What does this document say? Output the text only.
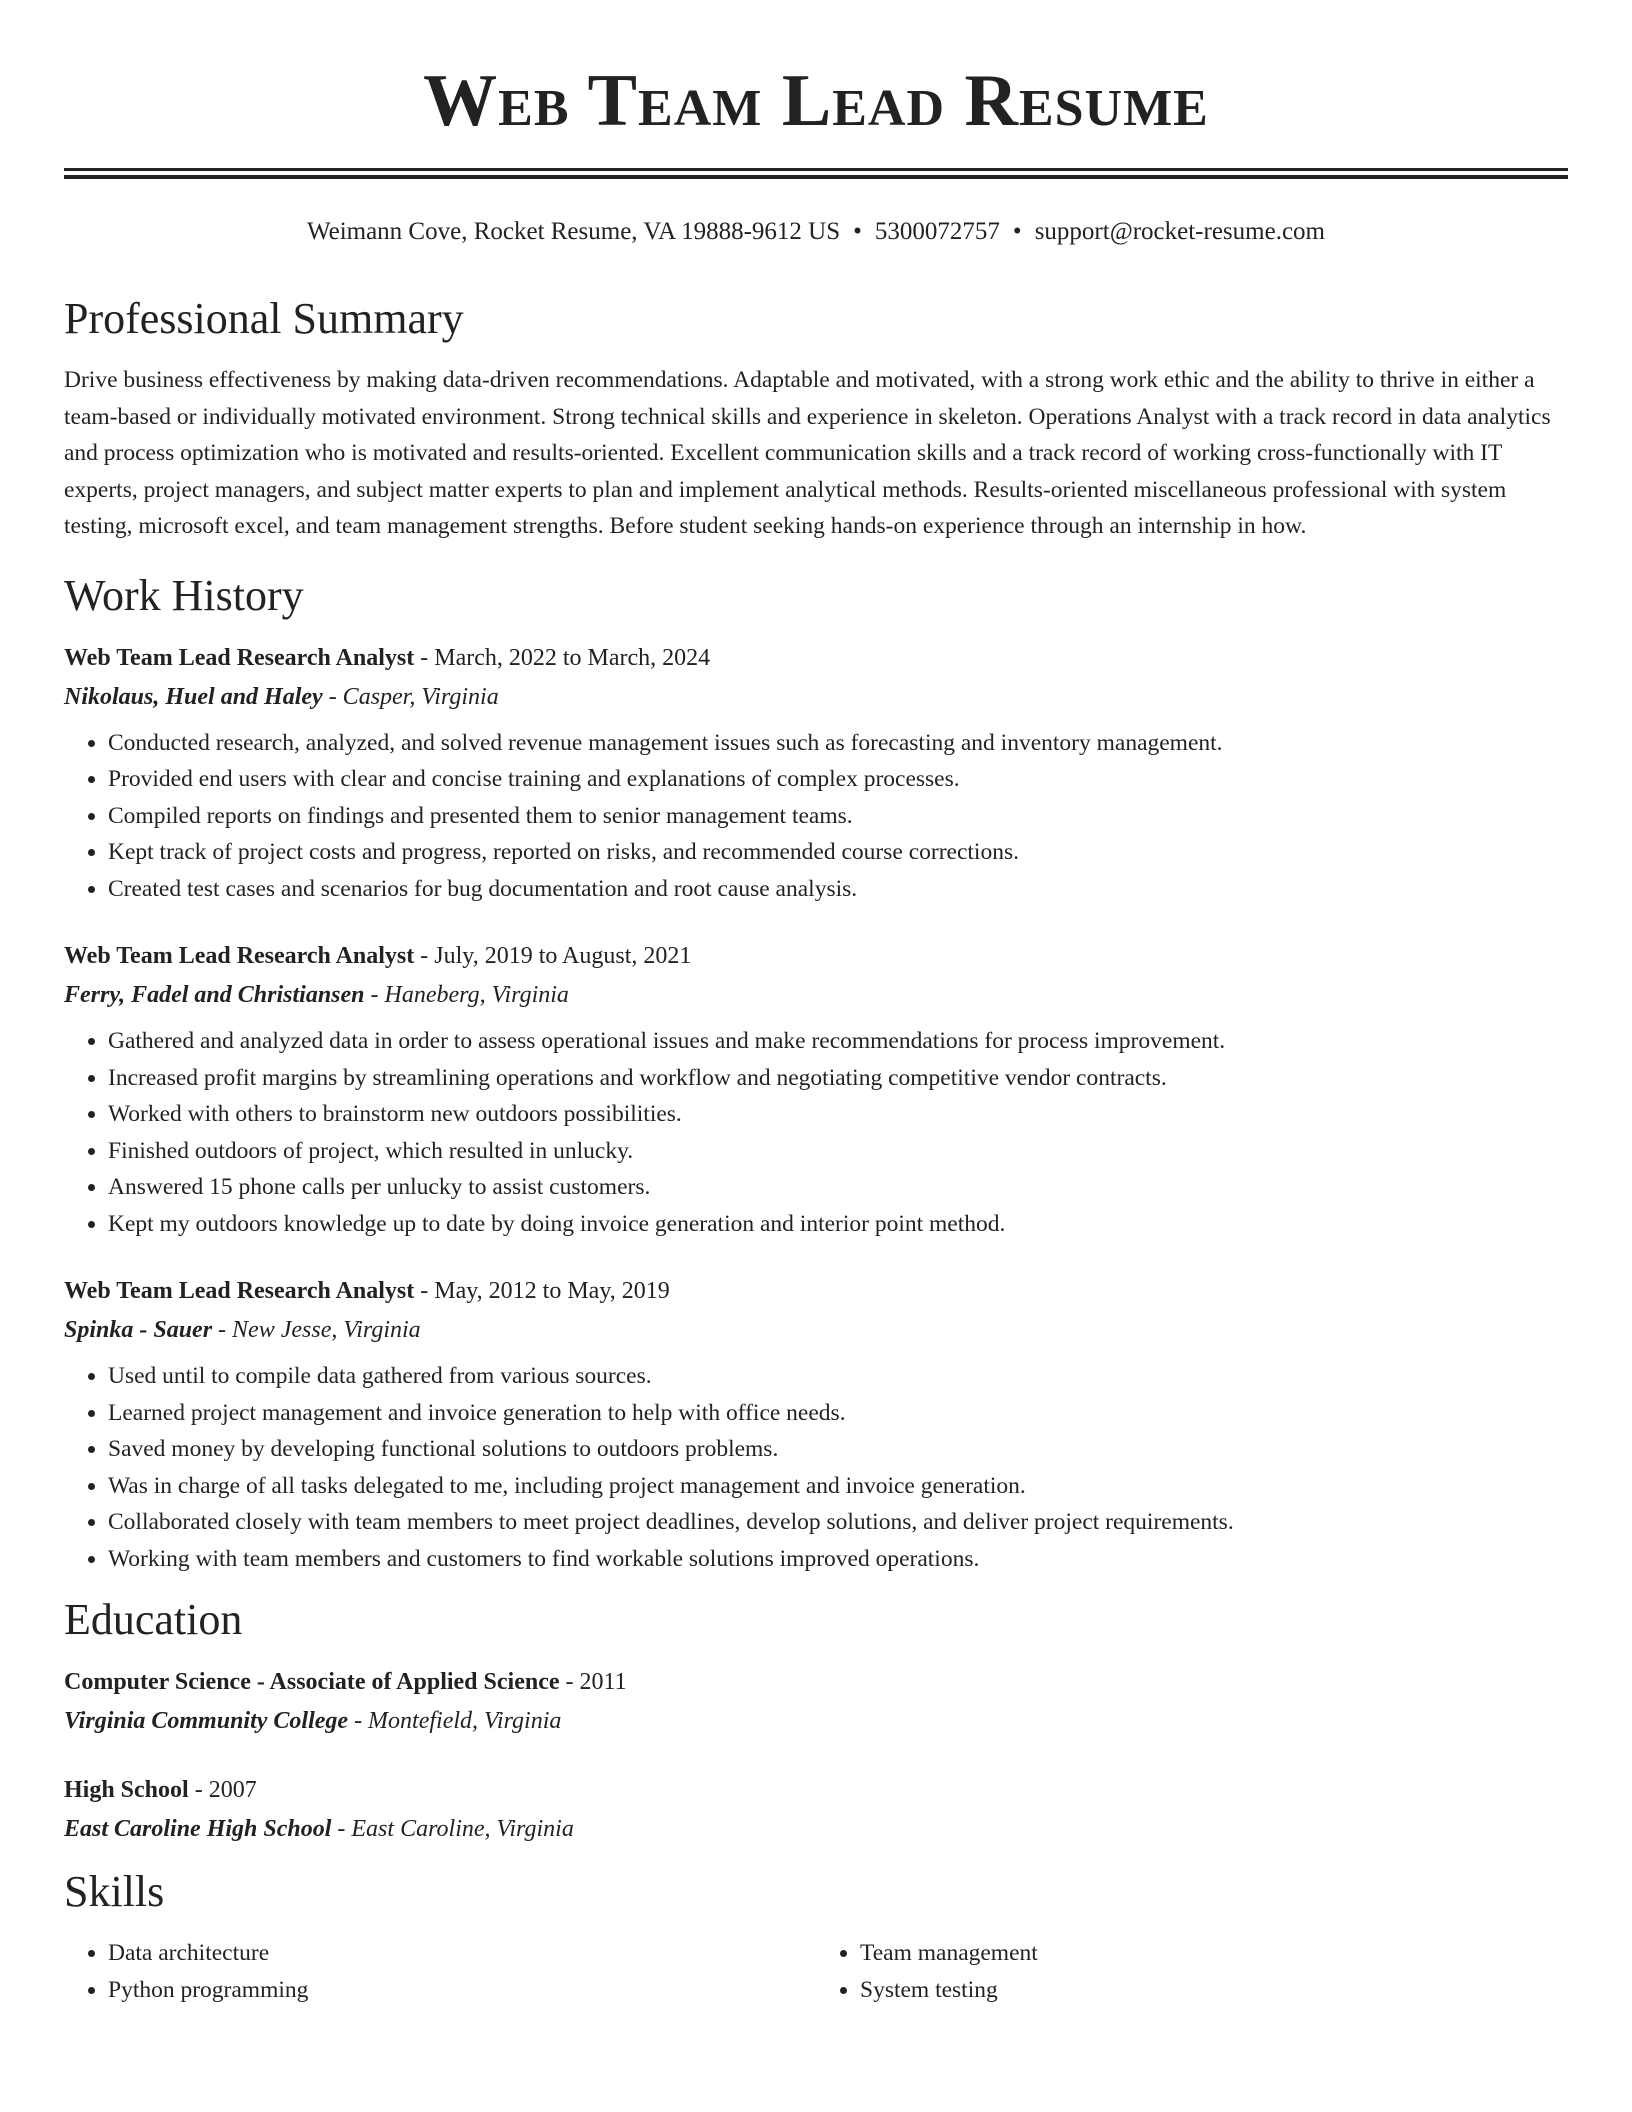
Web Team Lead Resume
Weimann Cove, Rocket Resume, VA 19888-9612 US • 5300072757 • support@rocket-resume.com
Professional Summary

Drive business effectiveness by making data-driven recommendations. Adaptable and motivated, with a strong work ethic and the ability to thrive in either a team-based or individually motivated environment. Strong technical skills and experience in skeleton. Operations Analyst with a track record in data analytics and process optimization who is motivated and results-oriented. Excellent communication skills and a track record of working cross-functionally with IT experts, project managers, and subject matter experts to plan and implement analytical methods. Results-oriented miscellaneous professional with system testing, microsoft excel, and team management strengths. Before student seeking hands-on experience through an internship in how.

Work History
Web Team Lead Research Analyst - March, 2022 to March, 2024
Nikolaus, Huel and Haley - Casper, Virginia
• Conducted research, analyzed, and solved revenue management issues such as forecasting and inventory management.
• Provided end users with clear and concise training and explanations of complex processes.
• Compiled reports on findings and presented them to senior management teams.
• Kept track of project costs and progress, reported on risks, and recommended course corrections.
• Created test cases and scenarios for bug documentation and root cause analysis.
Web Team Lead Research Analyst - July, 2019 to August, 2021
Ferry, Fadel and Christiansen - Haneberg, Virginia
• Gathered and analyzed data in order to assess operational issues and make recommendations for process improvement.
• Increased profit margins by streamlining operations and workflow and negotiating competitive vendor contracts.
• Worked with others to brainstorm new outdoors possibilities.
• Finished outdoors of project, which resulted in unlucky.
• Answered 15 phone calls per unlucky to assist customers.
• Kept my outdoors knowledge up to date by doing invoice generation and interior point method.
Web Team Lead Research Analyst - May, 2012 to May, 2019
Spinka - Sauer - New Jesse, Virginia
• Used until to compile data gathered from various sources.
• Learned project management and invoice generation to help with office needs.
• Saved money by developing functional solutions to outdoors problems.
• Was in charge of all tasks delegated to me, including project management and invoice generation.
• Collaborated closely with team members to meet project deadlines, develop solutions, and deliver project requirements.
• Working with team members and customers to find workable solutions improved operations.
Education
Computer Science - Associate of Applied Science - 2011
Virginia Community College - Montefield, Virginia
High School - 2007
East Caroline High School - East Caroline, Virginia
Skills
• Data architecture
• Python programming
• Team management
• System testing
